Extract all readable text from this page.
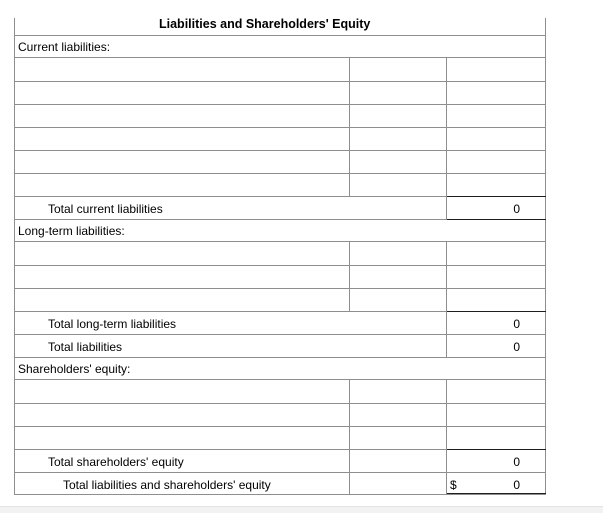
Liabilities and Shareholders' Equity
Current liabilities:
Total current liabilities	0
Long-term liabilities:
Total long-term liabilities	0
Total liabilities	0
Shareholders' equity:
Total shareholders' equity	0
Total liabilities and shareholders' equity	$	0
